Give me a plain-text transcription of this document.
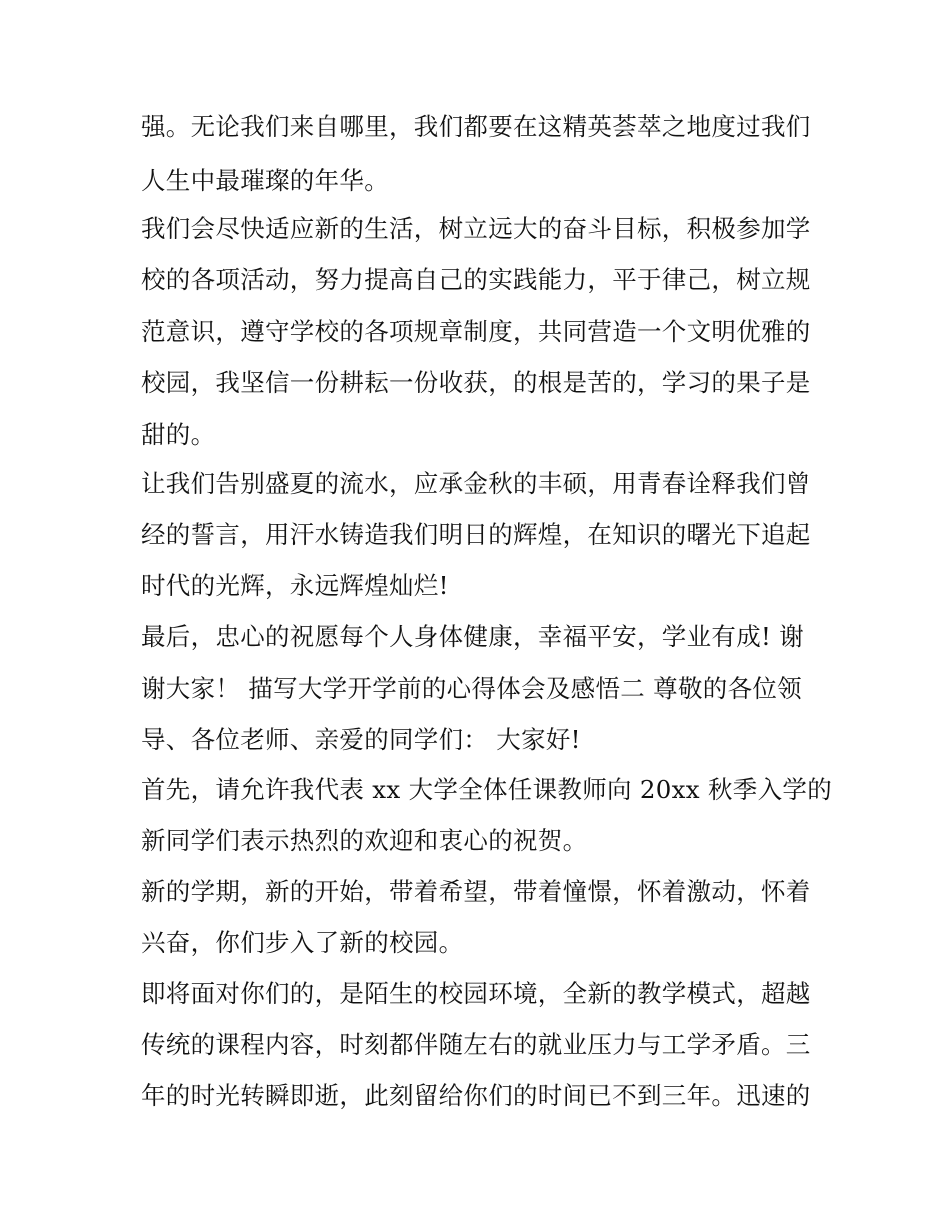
强。无论我们来自哪里，我们都要在这精英荟萃之地度过我们
人生中最璀璨的年华。
我们会尽快适应新的生活，树立远大的奋斗目标，积极参加学
校的各项活动，努力提高自己的实践能力，平于律己，树立规
范意识，遵守学校的各项规章制度，共同营造一个文明优雅的
校园，我坚信一份耕耘一份收获，的根是苦的，学习的果子是
甜的。
让我们告别盛夏的流水，应承金秋的丰硕，用青春诠释我们曾
经的誓言，用汗水铸造我们明日的辉煌，在知识的曙光下追起
时代的光辉，永远辉煌灿烂!
最后，忠心的祝愿每个人身体健康，幸福平安，学业有成! 谢
谢大家！ 描写大学开学前的心得体会及感悟二 尊敬的各位领
导、各位老师、亲爱的同学们： 大家好!
首先，请允许我代表 xx 大学全体任课教师向 20xx 秋季入学的
新同学们表示热烈的欢迎和衷心的祝贺。
新的学期，新的开始，带着希望，带着憧憬，怀着激动，怀着
兴奋，你们步入了新的校园。
即将面对你们的，是陌生的校园环境，全新的教学模式，超越
传统的课程内容，时刻都伴随左右的就业压力与工学矛盾。三
年的时光转瞬即逝，此刻留给你们的时间已不到三年。迅速的
